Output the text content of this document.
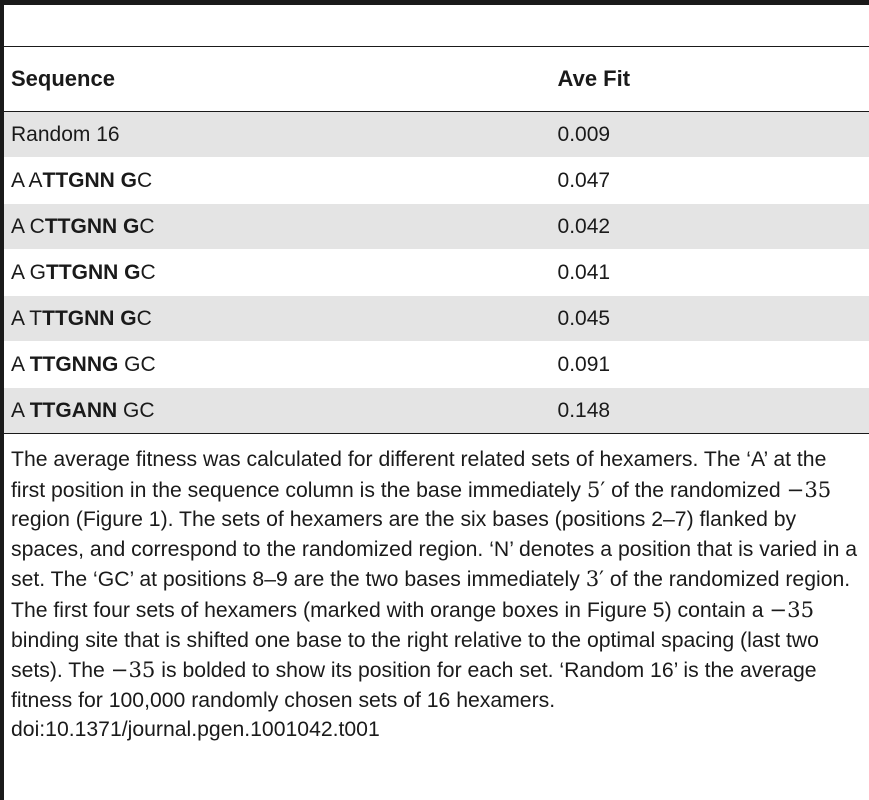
Sequence	Ave Fit
Random 16	0.009
A ATTGNN GC	0.047
A CTTGNN GC	0.042
A GTTGNN GC	0.041
A TTTGNN GC	0.045
A TTGNNG GC	0.091
A TTGANN GC	0.148
The average fitness was calculated for different related sets of hexamers. The ‘A’ at the first position in the sequence column is the base immediately 5′ of the randomized −35 region (Figure 1). The sets of hexamers are the six bases (positions 2–7) flanked by spaces, and correspond to the randomized region. ‘N’ denotes a position that is varied in a set. The ‘GC’ at positions 8–9 are the two bases immediately 3′ of the randomized region. The first four sets of hexamers (marked with orange boxes in Figure 5) contain a −35 binding site that is shifted one base to the right relative to the optimal spacing (last two sets). The −35 is bolded to show its position for each set. ‘Random 16’ is the average fitness for 100,000 randomly chosen sets of 16 hexamers.
doi:10.1371/journal.pgen.1001042.t001
